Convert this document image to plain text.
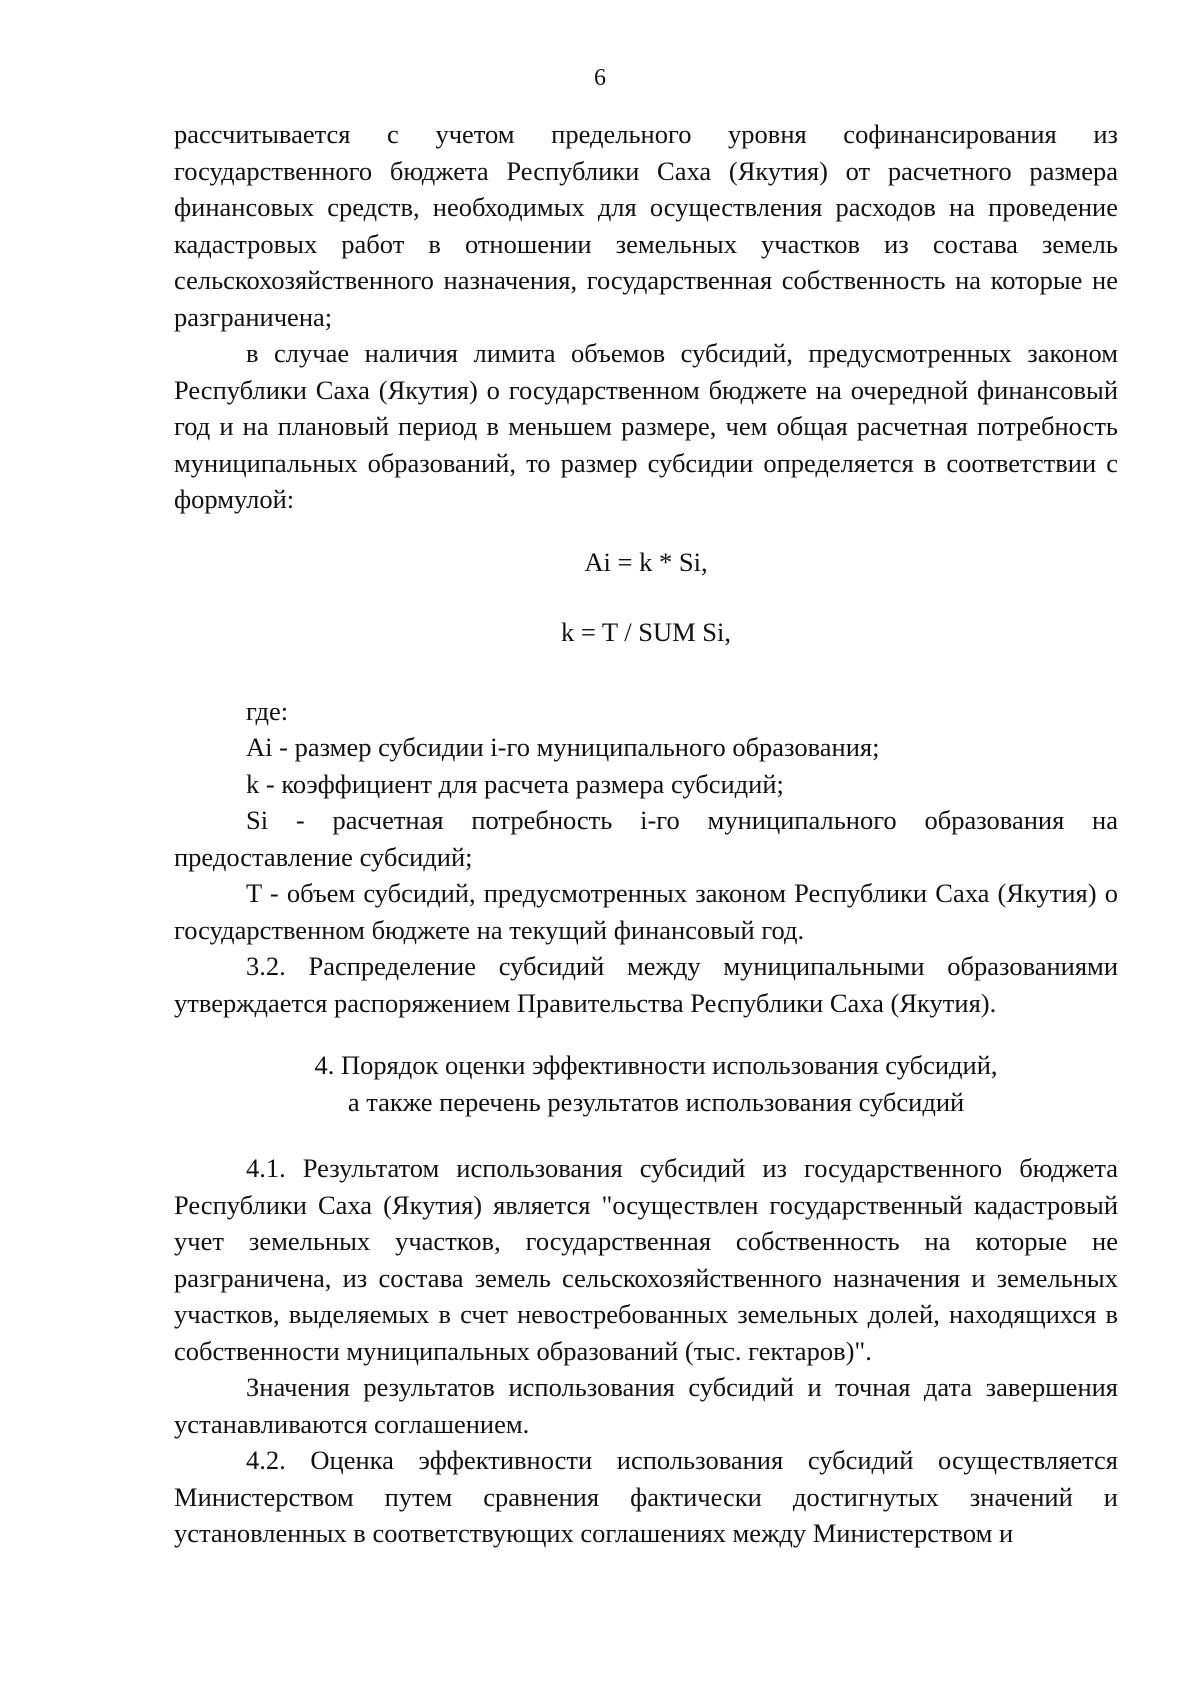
6

рассчитывается с учетом предельного уровня софинансирования из государственного бюджета Республики Саха (Якутия) от расчетного размера финансовых средств, необходимых для осуществления расходов на проведение кадастровых работ в отношении земельных участков из состава земель сельскохозяйственного назначения, государственная собственность на которые не разграничена;

в случае наличия лимита объемов субсидий, предусмотренных законом Республики Саха (Якутия) о государственном бюджете на очередной финансовый год и на плановый период в меньшем размере, чем общая расчетная потребность муниципальных образований, то размер субсидии определяется в соответствии с формулой:

Ai = k * Si,

k = T / SUM Si,

где:

Ai - размер субсидии i-го муниципального образования;

k - коэффициент для расчета размера субсидий;

Si - расчетная потребность i-го муниципального образования на предоставление субсидий;

T - объем субсидий, предусмотренных законом Республики Саха (Якутия) о государственном бюджете на текущий финансовый год.

3.2. Распределение субсидий между муниципальными образованиями утверждается распоряжением Правительства Республики Саха (Якутия).

4. Порядок оценки эффективности использования субсидий,
а также перечень результатов использования субсидий

4.1. Результатом использования субсидий из государственного бюджета Республики Саха (Якутия) является "осуществлен государственный кадастровый учет земельных участков, государственная собственность на которые не разграничена, из состава земель сельскохозяйственного назначения и земельных участков, выделяемых в счет невостребованных земельных долей, находящихся в собственности муниципальных образований (тыс. гектаров)".

Значения результатов использования субсидий и точная дата завершения устанавливаются соглашением.

4.2. Оценка эффективности использования субсидий осуществляется Министерством путем сравнения фактически достигнутых значений и установленных в соответствующих соглашениях между Министерством и
